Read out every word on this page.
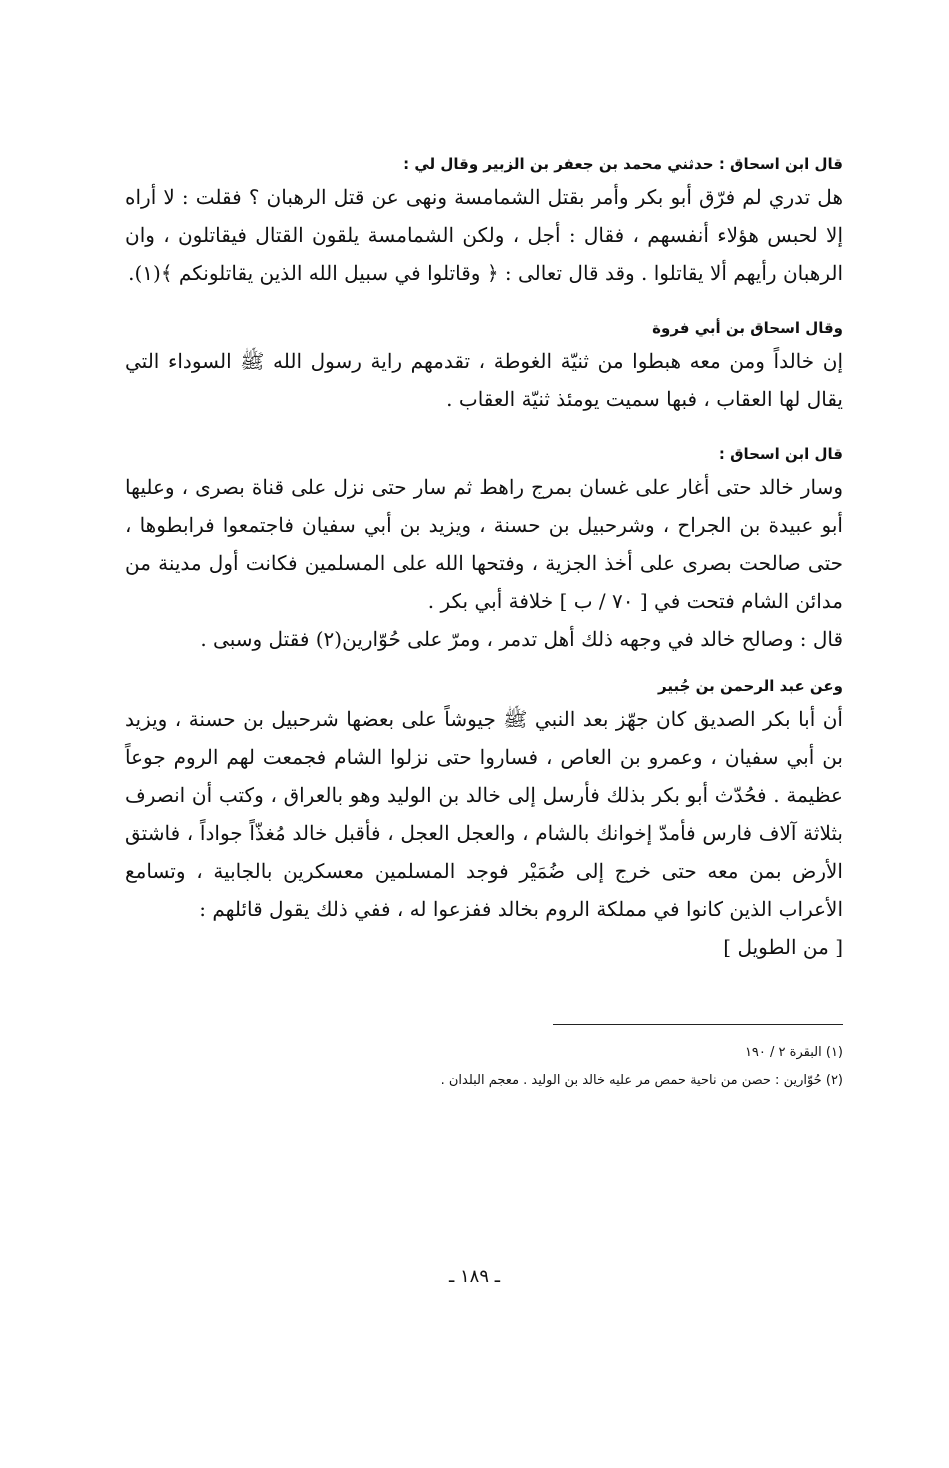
قال ابن اسحاق : حدثني محمد بن جعفر بن الزبير وقال لي :

هل تدري لم فرّق أبو بكر وأمر بقتل الشمامسة ونهى عن قتل الرهبان ؟ فقلت : لا أراه إلا لحبس هؤلاء أنفسهم ، فقال : أجل ، ولكن الشمامسة يلقون القتال فيقاتلون ، وان الرهبان رأيهم ألا يقاتلوا . وقد قال تعالى : ﴿ وقاتلوا في سبيل الله الذين يقاتلونكم ﴾(١).

وقال اسحاق بن أبي فروة

إن خالداً ومن معه هبطوا من ثنيّة الغوطة ، تقدمهم راية رسول الله ﷺ السوداء التي يقال لها العقاب ، فبها سميت يومئذ ثنيّة العقاب .

قال ابن اسحاق :

وسار خالد حتى أغار على غسان بمرج راهط ثم سار حتى نزل على قناة بصرى ، وعليها أبو عبيدة بن الجراح ، وشرحبيل بن حسنة ، ويزيد بن أبي سفيان فاجتمعوا فرابطوها ، حتى صالحت بصرى على أخذ الجزية ، وفتحها الله على المسلمين فكانت أول مدينة من مدائن الشام فتحت في [ ٧٠ / ب ] خلافة أبي بكر .

قال : وصالح خالد في وجهه ذلك أهل تدمر ، ومرّ على حُوّارين(٢) فقتل وسبى .

وعن عبد الرحمن بن جُبير

أن أبا بكر الصديق كان جهّز بعد النبي ﷺ جيوشاً على بعضها شرحبيل بن حسنة ، ويزيد بن أبي سفيان ، وعمرو بن العاص ، فساروا حتى نزلوا الشام فجمعت لهم الروم جوعاً عظيمة . فحُدّث أبو بكر بذلك فأرسل إلى خالد بن الوليد وهو بالعراق ، وكتب أن انصرف بثلاثة آلاف فارس فأمدّ إخوانك بالشام ، والعجل العجل ، فأقبل خالد مُغذّاً جواداً ، فاشتق الأرض بمن معه حتى خرج إلى ضُمَيْر فوجد المسلمين معسكرين بالجابية ، وتسامع الأعراب الذين كانوا في مملكة الروم بخالد ففزعوا له ، ففي ذلك يقول قائلهم :

[ من الطويل ]

(١) البقرة ٢ / ١٩٠

(٢) حُوّارين : حصن من ناحية حمص مر عليه خالد بن الوليد . معجم البلدان .

ـ ١٨٩ ـ
